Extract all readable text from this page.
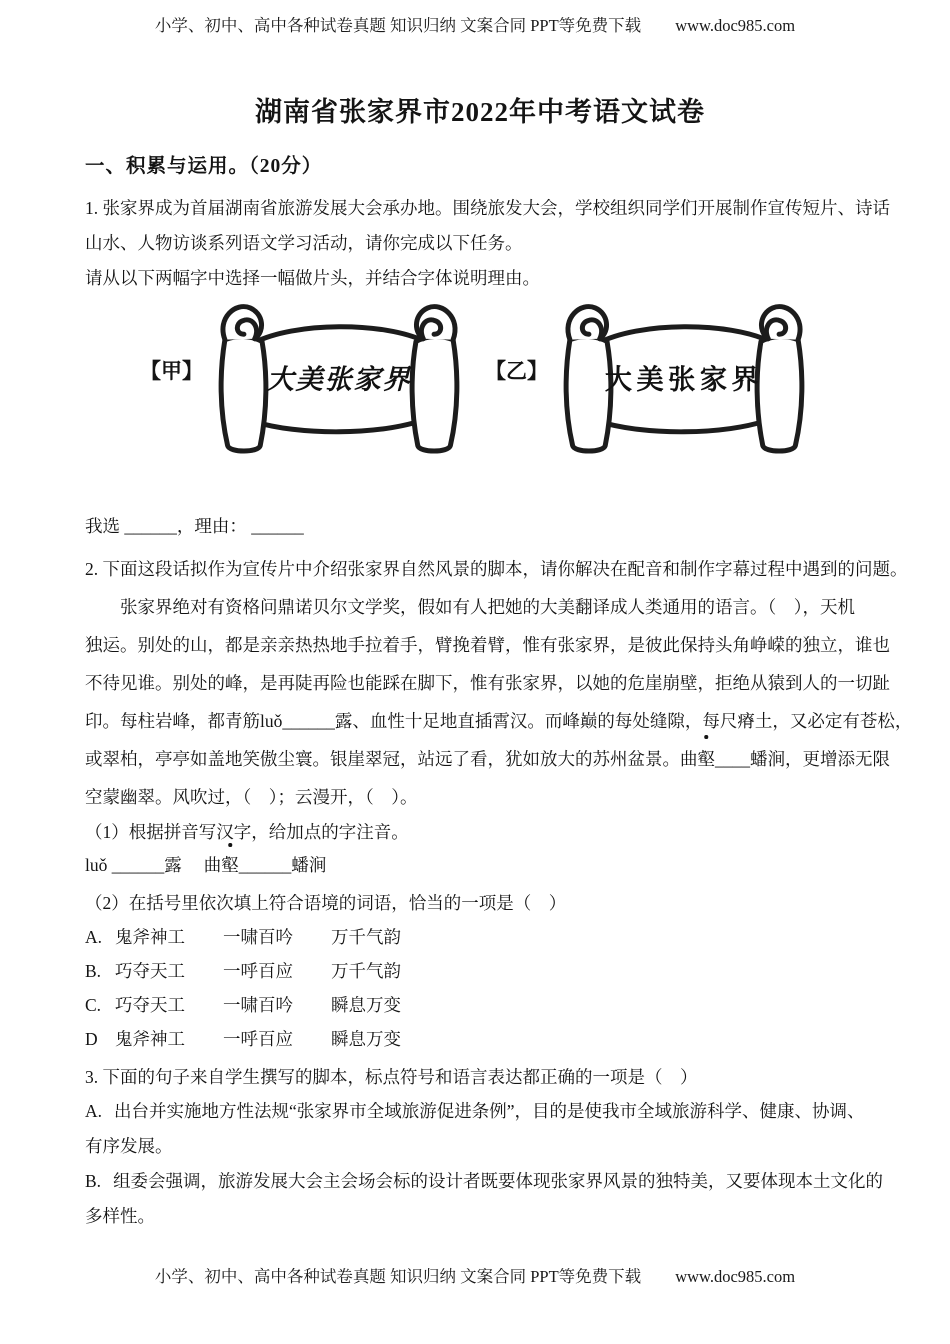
小学、初中、高中各种试卷真题 知识归纳 文案合同 PPT等免费下载 www.doc985.com
湖南省张家界市2022年中考语文试卷
一、积累与运用。（20分）
1. 张家界成为首届湖南省旅游发展大会承办地。围绕旅发大会，学校组织同学们开展制作宣传短片、诗话
山水、人物访谈系列语文学习活动，请你完成以下任务。
请从以下两幅字中选择一幅做片头，并结合字体说明理由。
【甲】 大美张家界	【乙】 大美张家界
我选 ______，理由： ______
2. 下面这段话拟作为宣传片中介绍张家界自然风景的脚本，请你解决在配音和制作字幕过程中遇到的问题。
张家界绝对有资格问鼎诺贝尔文学奖，假如有人把她的大美翻译成人类通用的语言。（　），天机
独运。别处的山，都是亲亲热热地手拉着手，臂挽着臂，惟有张家界，是彼此保持头角峥嵘的独立，谁也
不待见谁。别处的峰，是再陡再险也能踩在脚下，惟有张家界，以她的危崖崩壁，拒绝从猿到人的一切趾
印。每柱岩峰，都青筋luǒ______露、血性十足地直插霄汉。而峰巅的每处缝隙，每尺瘠土，又必定有苍松，
或翠柏，亭亭如盖地笑傲尘寰。银崖翠冠，站远了看，犹如放大的苏州盆景。曲壑____蟠涧，更增添无限
空蒙幽翠。风吹过，（　）；云漫开，（　）。
（1）根据拼音写汉字，给加点的字注音。
luǒ ______露 曲壑______蟠涧
（2）在括号里依次填上符合语境的词语，恰当的一项是（　）
A. 鬼斧神工 一啸百吟 万千气韵
B. 巧夺天工 一呼百应 万千气韵
C. 巧夺天工 一啸百吟 瞬息万变
D 鬼斧神工 一呼百应 瞬息万变
3. 下面的句子来自学生撰写的脚本，标点符号和语言表达都正确的一项是（　）
A. 出台并实施地方性法规“张家界市全域旅游促进条例”，目的是使我市全域旅游科学、健康、协调、
有序发展。
B. 组委会强调，旅游发展大会主会场会标的设计者既要体现张家界风景的独特美，又要体现本土文化的
多样性。
小学、初中、高中各种试卷真题 知识归纳 文案合同 PPT等免费下载 www.doc985.com
